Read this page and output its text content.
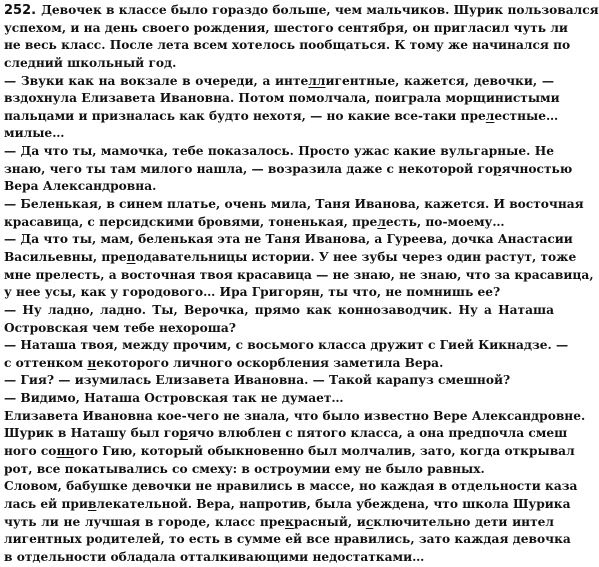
252. Девочек в классе было гораздо больше, чем мальчиков. Шурик пользовался
успехом, и на день своего рождения, шестого сентября, он пригласил чуть ли
не весь класс. После лета всем хотелось пообщаться. К тому же начинался по
следний школьный год.
— Звуки как на вокзале в очереди, а интеллигентные, кажется, девочки, —
вздохнула Елизавета Ивановна. Потом помолчала, поиграла морщинистыми
пальцами и призналась как будто нехотя, — но какие все-таки прелестные…
милые…
— Да что ты, мамочка, тебе показалось. Просто ужас какие вульгарные. Не
знаю, чего ты там милого нашла, — возразила даже с некоторой горячностью
Вера Александровна.
— Беленькая, в синем платье, очень мила, Таня Иванова, кажется. И восточная
красавица, с персидскими бровями, тоненькая, прелесть, по-моему…
— Да что ты, мам, беленькая эта не Таня Иванова, а Гуреева, дочка Анастасии
Васильевны, преподавательницы истории. У нее зубы через один растут, тоже
мне прелесть, а восточная твоя красавица — не знаю, не знаю, что за красавица,
у нее усы, как у городового… Ира Григорян, ты что, не помнишь ее?
— Ну ладно, ладно. Ты, Верочка, прямо как коннозаводчик. Ну а Наташа
Островская чем тебе нехороша?
— Наташа твоя, между прочим, с восьмого класса дружит с Гией Кикнадзе. —
с оттенком некоторого личного оскорбления заметила Вера.
— Гия? — изумилась Елизавета Ивановна. — Такой карапуз смешной?
— Видимо, Наташа Островская так не думает…
Елизавета Ивановна кое-чего не знала, что было известно Вере Александровне.
Шурик в Наташу был горячо влюблен с пятого класса, а она предпочла смеш
ного сонного Гию, который обыкновенно был молчалив, зато, когда открывал
рот, все покатывались со смеху: в остроумии ему не было равных.
Словом, бабушке девочки не нравились в массе, но каждая в отдельности каза
лась ей привлекательной. Вера, напротив, была убеждена, что школа Шурика
чуть ли не лучшая в городе, класс прекрасный, исключительно дети интел
лигентных родителей, то есть в сумме ей все нравились, зато каждая девочка
в отдельности обладала отталкивающими недостатками…
